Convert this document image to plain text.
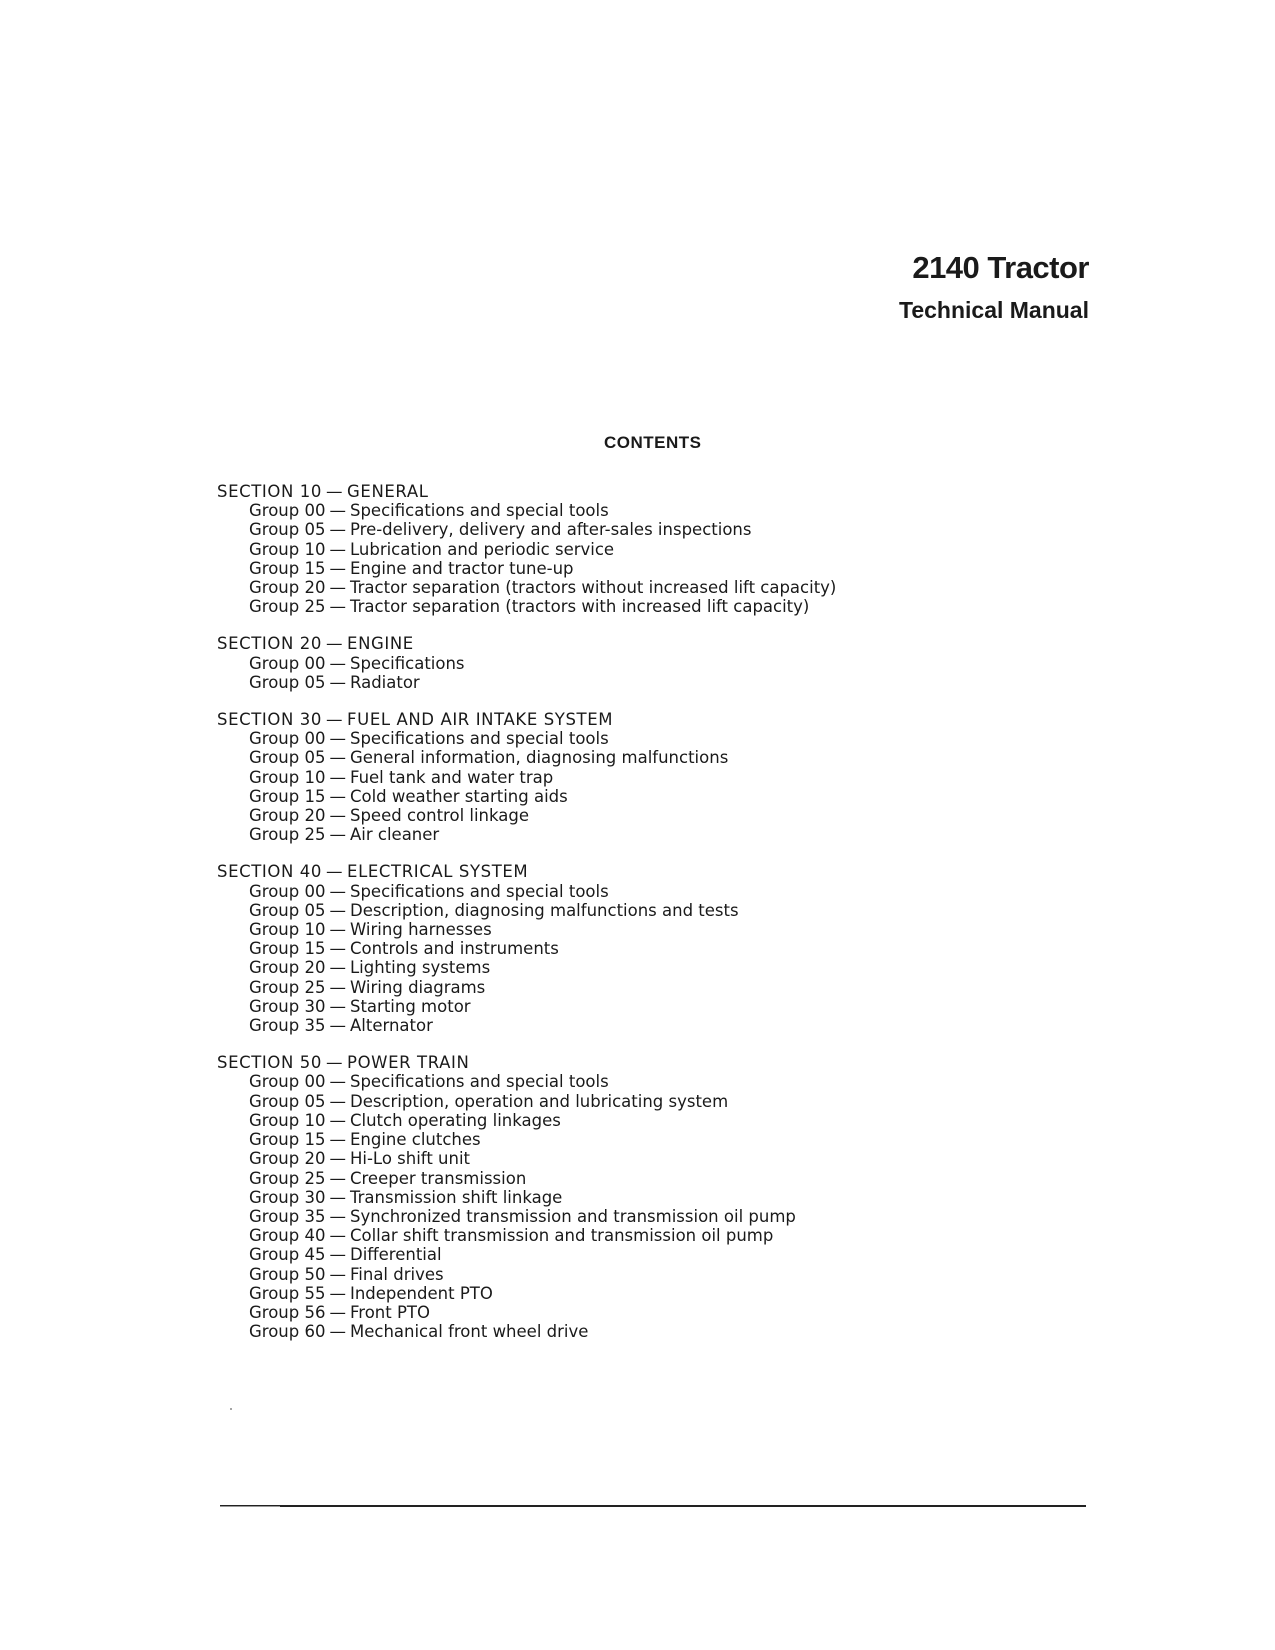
2140 Tractor
Technical Manual
CONTENTS
SECTION 10 — GENERAL
Group 00 — Specifications and special tools
Group 05 — Pre-delivery, delivery and after-sales inspections
Group 10 — Lubrication and periodic service
Group 15 — Engine and tractor tune-up
Group 20 — Tractor separation (tractors without increased lift capacity)
Group 25 — Tractor separation (tractors with increased lift capacity)
SECTION 20 — ENGINE
Group 00 — Specifications
Group 05 — Radiator
SECTION 30 — FUEL AND AIR INTAKE SYSTEM
Group 00 — Specifications and special tools
Group 05 — General information, diagnosing malfunctions
Group 10 — Fuel tank and water trap
Group 15 — Cold weather starting aids
Group 20 — Speed control linkage
Group 25 — Air cleaner
SECTION 40 — ELECTRICAL SYSTEM
Group 00 — Specifications and special tools
Group 05 — Description, diagnosing malfunctions and tests
Group 10 — Wiring harnesses
Group 15 — Controls and instruments
Group 20 — Lighting systems
Group 25 — Wiring diagrams
Group 30 — Starting motor
Group 35 — Alternator
SECTION 50 — POWER TRAIN
Group 00 — Specifications and special tools
Group 05 — Description, operation and lubricating system
Group 10 — Clutch operating linkages
Group 15 — Engine clutches
Group 20 — Hi-Lo shift unit
Group 25 — Creeper transmission
Group 30 — Transmission shift linkage
Group 35 — Synchronized transmission and transmission oil pump
Group 40 — Collar shift transmission and transmission oil pump
Group 45 — Differential
Group 50 — Final drives
Group 55 — Independent PTO
Group 56 — Front PTO
Group 60 — Mechanical front wheel drive
